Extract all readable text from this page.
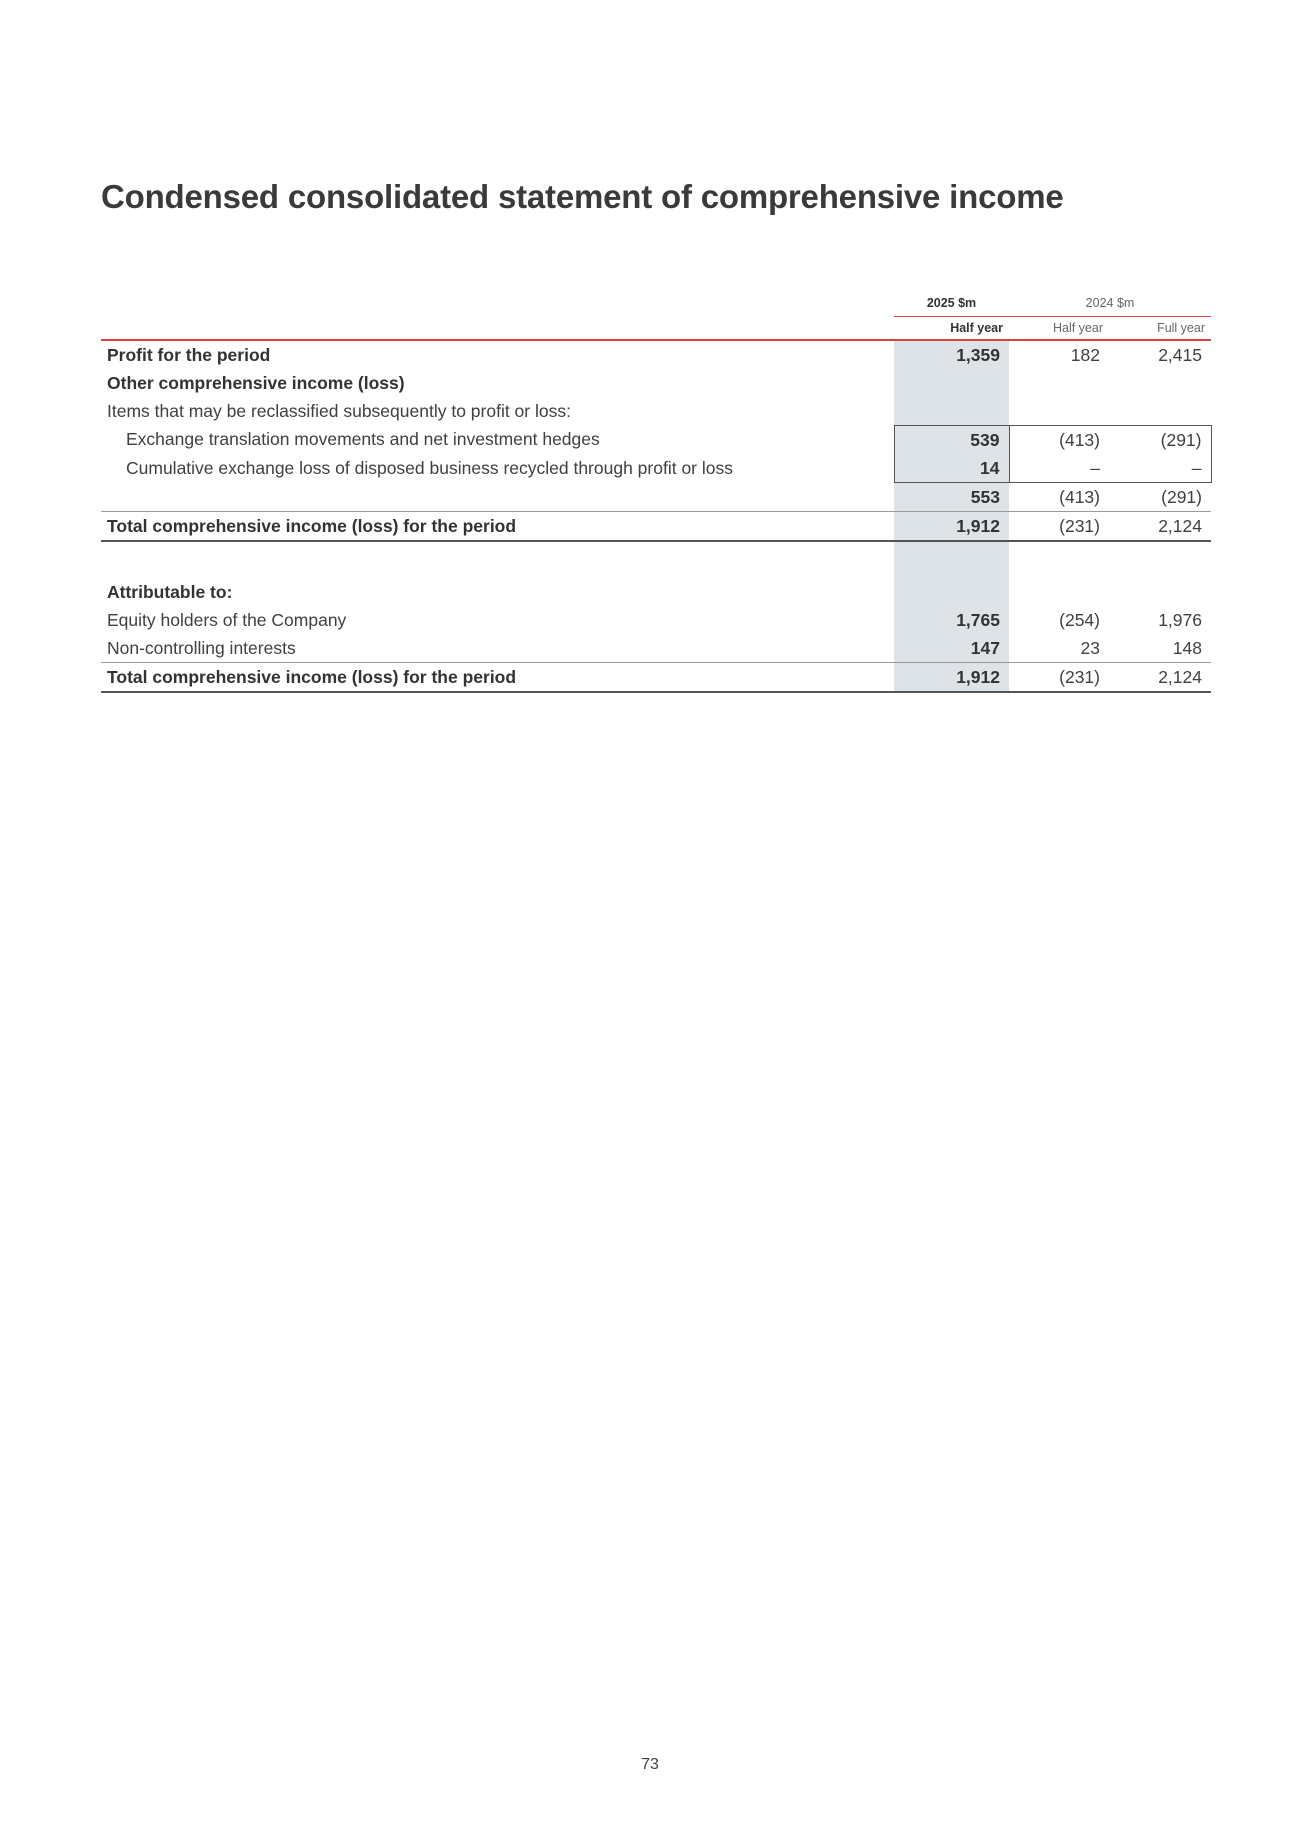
Condensed consolidated statement of comprehensive income
	2025 $m	2024 $m	
	Half year	Half year	Full year
Profit for the period	1,359	182	2,415
Other comprehensive income (loss)			
Items that may be reclassified subsequently to profit or loss:			
Exchange translation movements and net investment hedges	539	(413)	(291)
Cumulative exchange loss of disposed business recycled through profit or loss	14	–	–
	553	(413)	(291)
Total comprehensive income (loss) for the period	1,912	(231)	2,124

Attributable to:			
Equity holders of the Company	1,765	(254)	1,976
Non-controlling interests	147	23	148
Total comprehensive income (loss) for the period	1,912	(231)	2,124
73
